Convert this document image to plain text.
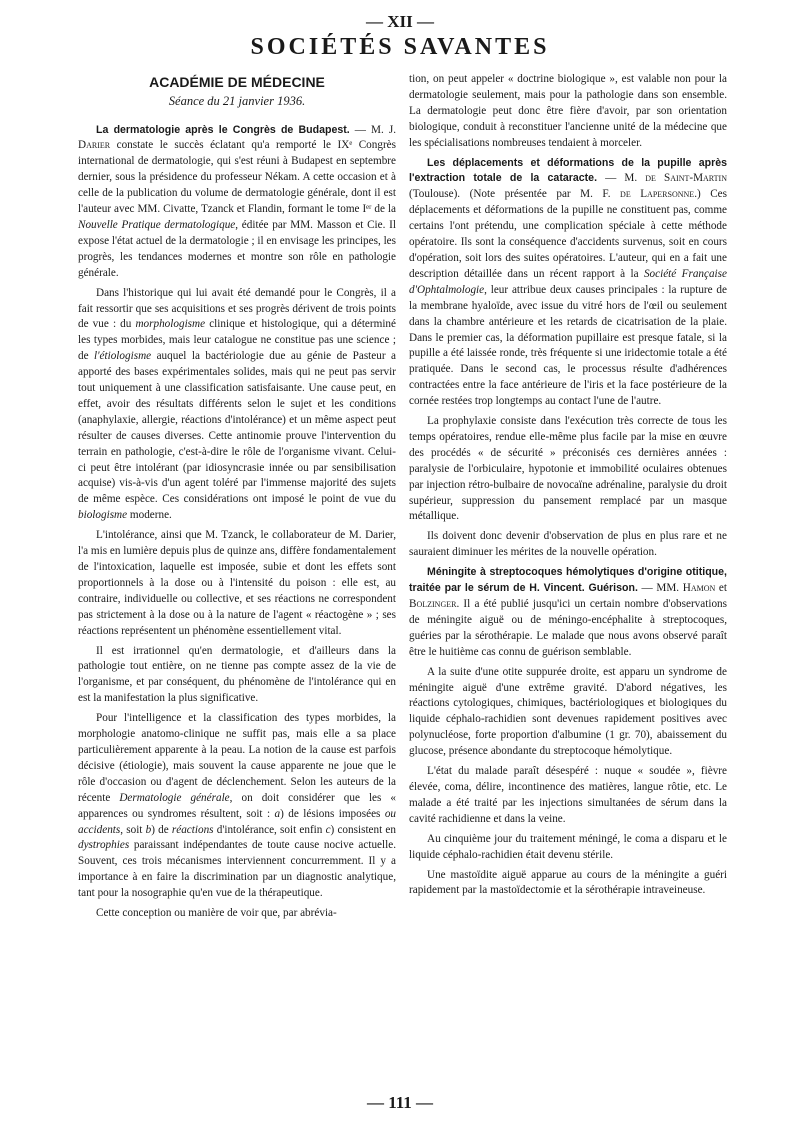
— XII —
SOCIÉTÉS SAVANTES
ACADÉMIE DE MÉDECINE
Séance du 21 janvier 1936.

La dermatologie après le Congrès de Budapest. — M. J. Darier constate le succès éclatant qu'a remporté le IXᵉ Congrès international de dermatologie, qui s'est réuni à Budapest en septembre dernier, sous la présidence du professeur Nékam. A cette occasion et à celle de la publication du volume de dermatologie générale, dont il est l'auteur avec MM. Civatte, Tzanck et Flandin, formant le tome Iᵉʳ de la Nouvelle Pratique dermatologique, éditée par MM. Masson et Cie. Il expose l'état actuel de la dermatologie ; il en envisage les principes, les progrès, les tendances modernes et montre son rôle en pathologie générale.

Dans l'historique qui lui avait été demandé pour le Congrès, il a fait ressortir que ses acquisitions et ses progrès dérivent de trois points de vue : du morphologisme clinique et histologique, qui a déterminé les types morbides, mais leur catalogue ne constitue pas une science ; de l'étiologisme auquel la bactériologie due au génie de Pasteur a apporté des bases expérimentales solides, mais qui ne peut pas servir tout uniquement à une classification satisfaisante. Une cause peut, en effet, avoir des résultats différents selon le sujet et les conditions (anaphylaxie, allergie, réactions d'intolérance) et un même aspect peut résulter de causes diverses. Cette antinomie prouve l'intervention du terrain en pathologie, c'est-à-dire le rôle de l'organisme vivant. Celui-ci peut être intolérant (par idiosyncrasie innée ou par sensibilisation acquise) vis-à-vis d'un agent toléré par l'immense majorité des sujets de même espèce. Ces considérations ont imposé le point de vue du biologisme moderne.

L'intolérance, ainsi que M. Tzanck, le collaborateur de M. Darier, l'a mis en lumière depuis plus de quinze ans, diffère fondamentalement de l'intoxication, laquelle est imposée, subie et dont les effets sont proportionnels à la dose ou à l'intensité du poison : elle est, au contraire, individuelle ou collective, et ses réactions ne correspondent pas strictement à la dose ou à la nature de l'agent « réactogène » ; ses réactions représentent un phénomène essentiellement vital.

Il est irrationnel qu'en dermatologie, et d'ailleurs dans la pathologie tout entière, on ne tienne pas compte assez de la vie de l'organisme, et par conséquent, du phénomène de l'intolérance qui en est la manifestation la plus significative.

Pour l'intelligence et la classification des types morbides, la morphologie anatomo-clinique ne suffit pas, mais elle a sa place particulièrement apparente à la peau. La notion de la cause est parfois décisive (étiologie), mais souvent la cause apparente ne joue que le rôle d'occasion ou d'agent de déclenchement. Selon les auteurs de la récente Dermatologie générale, on doit considérer que les « apparences ou syndromes résultent, soit : a) de lésions imposées ou accidents, soit b) de réactions d'intolérance, soit enfin c) consistent en dystrophies paraissant indépendantes de toute cause nocive actuelle. Souvent, ces trois mécanismes interviennent concurremment. Il y a importance à en faire la discrimination par un diagnostic analytique, tant pour la nosographie qu'en vue de la thérapeutique.

Cette conception ou manière de voir que, par abrévia-

tion, on peut appeler « doctrine biologique », est valable non pour la dermatologie seulement, mais pour la pathologie dans son ensemble. La dermatologie peut donc être fière d'avoir, par son orientation biologique, conduit à reconstituer l'ancienne unité de la médecine que les spécialisations nombreuses tendaient à morceler.

Les déplacements et déformations de la pupille après l'extraction totale de la cataracte. — M. de Saint-Martin (Toulouse). (Note présentée par M. F. de Lapersonne.) Ces déplacements et déformations de la pupille ne constituent pas, comme certains l'ont prétendu, une complication spéciale à cette méthode opératoire. Ils sont la conséquence d'accidents survenus, soit en cours d'opération, soit lors des suites opératoires. L'auteur, qui en a fait une description détaillée dans un récent rapport à la Société Française d'Ophtalmologie, leur attribue deux causes principales : la rupture de la membrane hyaloïde, avec issue du vitré hors de l'œil ou seulement dans la chambre antérieure et les retards de cicatrisation de la plaie. Dans le premier cas, la déformation pupillaire est presque fatale, si la pupille a été laissée ronde, très fréquente si une iridectomie totale a été pratiquée. Dans le second cas, le processus résulte d'adhérences contractées entre la face antérieure de l'iris et la face postérieure de la cornée restées trop longtemps au contact l'une de l'autre.

La prophylaxie consiste dans l'exécution très correcte de tous les temps opératoires, rendue elle-même plus facile par la mise en œuvre des procédés « de sécurité » préconisés ces dernières années : paralysie de l'orbiculaire, hypotonie et immobilité oculaires obtenues par injection rétro-bulbaire de novocaïne adrénaline, paralysie du droit supérieur, suppression du pansement remplacé par un masque métallique.

Ils doivent donc devenir d'observation de plus en plus rare et ne sauraient diminuer les mérites de la nouvelle opération.

Méningite à streptocoques hémolytiques d'origine otitique, traitée par le sérum de H. Vincent. Guérison. — MM. Hamon et Bolzinger. Il a été publié jusqu'ici un certain nombre d'observations de méningite aiguë ou de méningo-encéphalite à streptocoques, guéries par la sérothérapie. Le malade que nous avons observé paraît être le huitième cas connu de guérison semblable.

A la suite d'une otite suppurée droite, est apparu un syndrome de méningite aiguë d'une extrême gravité. D'abord négatives, les réactions cytologiques, chimiques, bactériologiques et biologiques du liquide céphalo-rachidien sont devenues rapidement positives avec polynucléose, forte proportion d'albumine (1 gr. 70), abaissement du glucose, présence abondante du streptocoque hémolytique.

L'état du malade paraît désespéré : nuque « soudée », fièvre élevée, coma, délire, incontinence des matières, langue rôtie, etc. Le malade a été traité par les injections simultanées de sérum dans la cavité rachidienne et dans la veine.

Au cinquième jour du traitement méningé, le coma a disparu et le liquide céphalo-rachidien était devenu stérile.

Une mastoïdite aiguë apparue au cours de la méningite a guéri rapidement par la mastoïdectomie et la sérothérapie intraveineuse.

— 111 —
